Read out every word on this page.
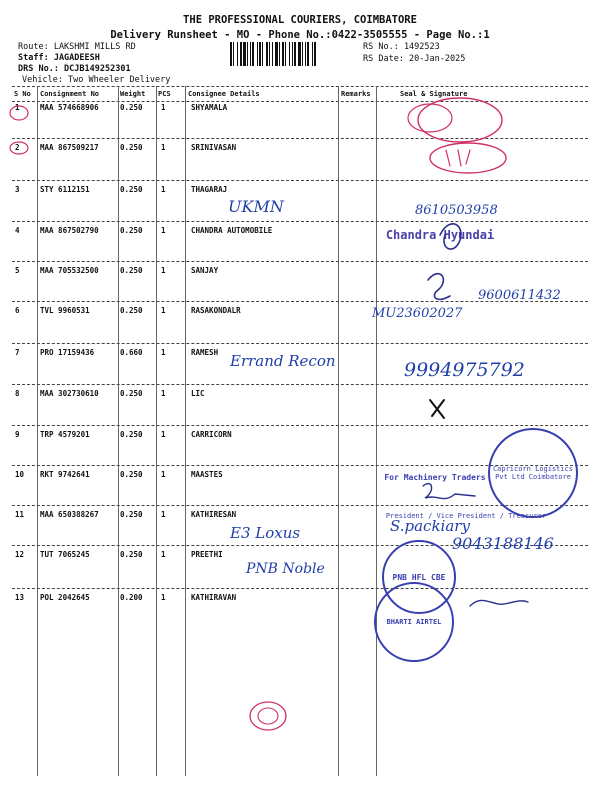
THE PROFESSIONAL COURIERS, COIMBATORE
Delivery Runsheet - MO - Phone No.:0422-3505555 - Page No.:1
Route: LAKSHMI MILLS RD
Staff: JAGADEESH
DRS No.: DCJB149252301
Vehicle: Two Wheeler Delivery
RS No.: 1492523
RS Date: 20-Jan-2025
S No Consignment No	Weight PCS Consignee Details	Remarks	Seal & Signature
1	MAA 574668906	0.250 1	SHYAMALA
2	MAA 867509217	0.250 1	SRINIVASAN
3	STY 6112151	0.250 1	THAGARAJ
4	MAA 867502790	0.250 1	CHANDRA AUTOMOBILE
5	MAA 705532500	0.250 1	SANJAY
6	TVL 9960531	0.250 1	RASAKONDALR
7	PRO 17159436	0.660 1	RAMESH
8	MAA 302730610	0.250 1	LIC
9	TRP 4579201	0.250 1	CARRICORN
10 RKT 9742641	0.250 1	MAASTES
11 MAA 650388267	0.250 1	KATHIRESAN
12 TUT 7065245	0.250 1	PREETHI
13 POL 2042645	0.200 1	KATHIRAVAN
UKMN	8610503958
9600611432
MU23602027
Errand Recon	9994975792
E3 Loxus	S.packiary
9043188146
PNB Noble
Chandra Hyundai
Capricorn Logistics Pvt Ltd Coimbatore
For Machinery Traders
President / Vice President / Treasurer
PNB HFL CBE
BHARTI AIRTEL
